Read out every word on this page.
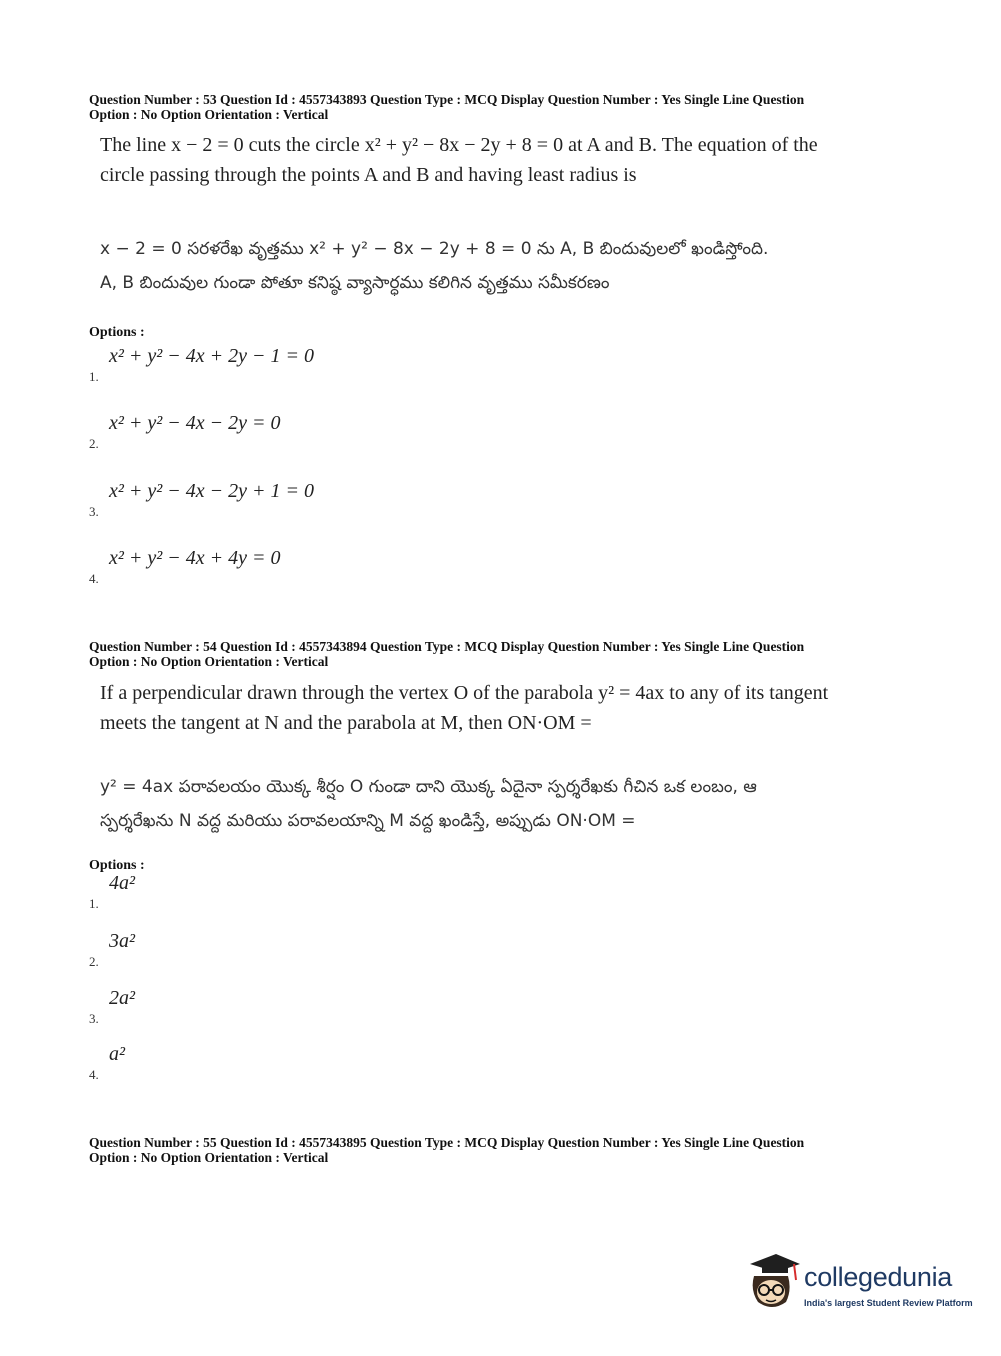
Question Number : 53 Question Id : 4557343893 Question Type : MCQ Display Question Number : Yes Single Line Question
Option : No Option Orientation : Vertical
The line x − 2 = 0 cuts the circle x² + y² − 8x − 2y + 8 = 0 at A and B. The equation of the
circle passing through the points A and B and having least radius is
x − 2 = 0 సరళరేఖ వృత్తము x² + y² − 8x − 2y + 8 = 0 ను A, B బిందువులలో ఖండిస్తోంది.
A, B బిందువుల గుండా పోతూ కనిష్ఠ వ్యాసార్ధము కలిగిన వృత్తము సమీకరణం
Options :
1.
x² + y² − 4x + 2y − 1 = 0
2.
x² + y² − 4x − 2y = 0
3.
x² + y² − 4x − 2y + 1 = 0
4.
x² + y² − 4x + 4y = 0
Question Number : 54 Question Id : 4557343894 Question Type : MCQ Display Question Number : Yes Single Line Question
Option : No Option Orientation : Vertical
If a perpendicular drawn through the vertex O of the parabola y² = 4ax to any of its tangent
meets the tangent at N and the parabola at M, then ON·OM =
y² = 4ax పరావలయం యొక్క శీర్షం O గుండా దాని యొక్క ఏదైనా స్పర్శరేఖకు గీచిన ఒక లంబం, ఆ
స్పర్శరేఖను N వద్ద మరియు పరావలయాన్ని M వద్ద ఖండిస్తే, అప్పుడు ON·OM =
Options :
1.
4a²
2.
3a²
3.
2a²
4.
a²
Question Number : 55 Question Id : 4557343895 Question Type : MCQ Display Question Number : Yes Single Line Question
Option : No Option Orientation : Vertical
collegedunia
India's largest Student Review Platform
